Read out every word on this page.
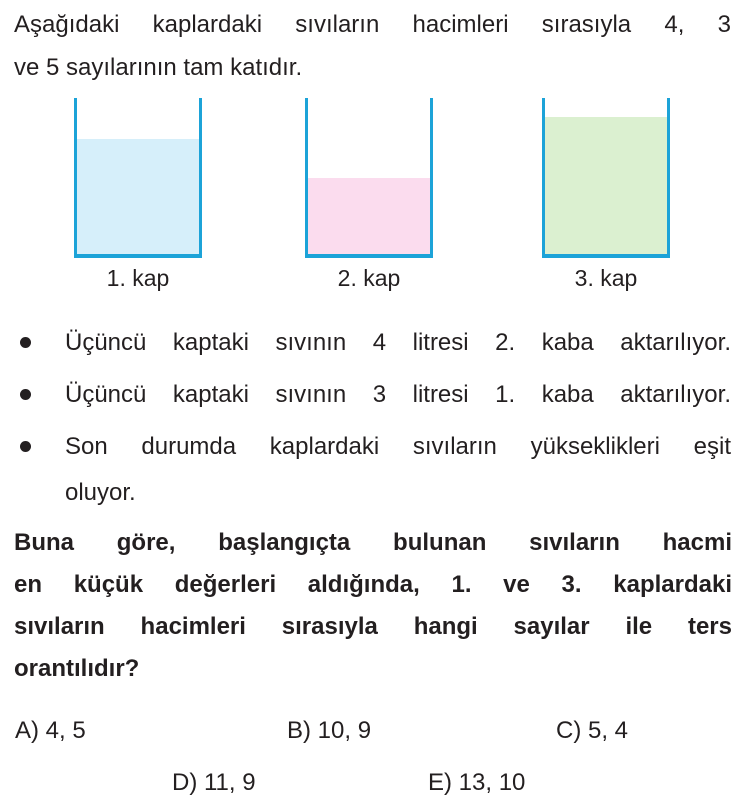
Aşağıdaki kaplardaki sıvıların hacimleri sırasıyla 4, 3
ve 5 sayılarının tam katıdır.
1. kap	2. kap	3. kap
Üçüncü kaptaki sıvının 4 litresi 2. kaba aktarılıyor.
Üçüncü kaptaki sıvının 3 litresi 1. kaba aktarılıyor.
Son durumda kaplardaki sıvıların yükseklikleri eşit
oluyor.
Buna göre, başlangıçta bulunan sıvıların hacmi
en küçük değerleri aldığında, 1. ve 3. kaplardaki
sıvıların hacimleri sırasıyla hangi sayılar ile ters
orantılıdır?
A) 4, 5	B) 10, 9	C) 5, 4
D) 11, 9	E) 13, 10
